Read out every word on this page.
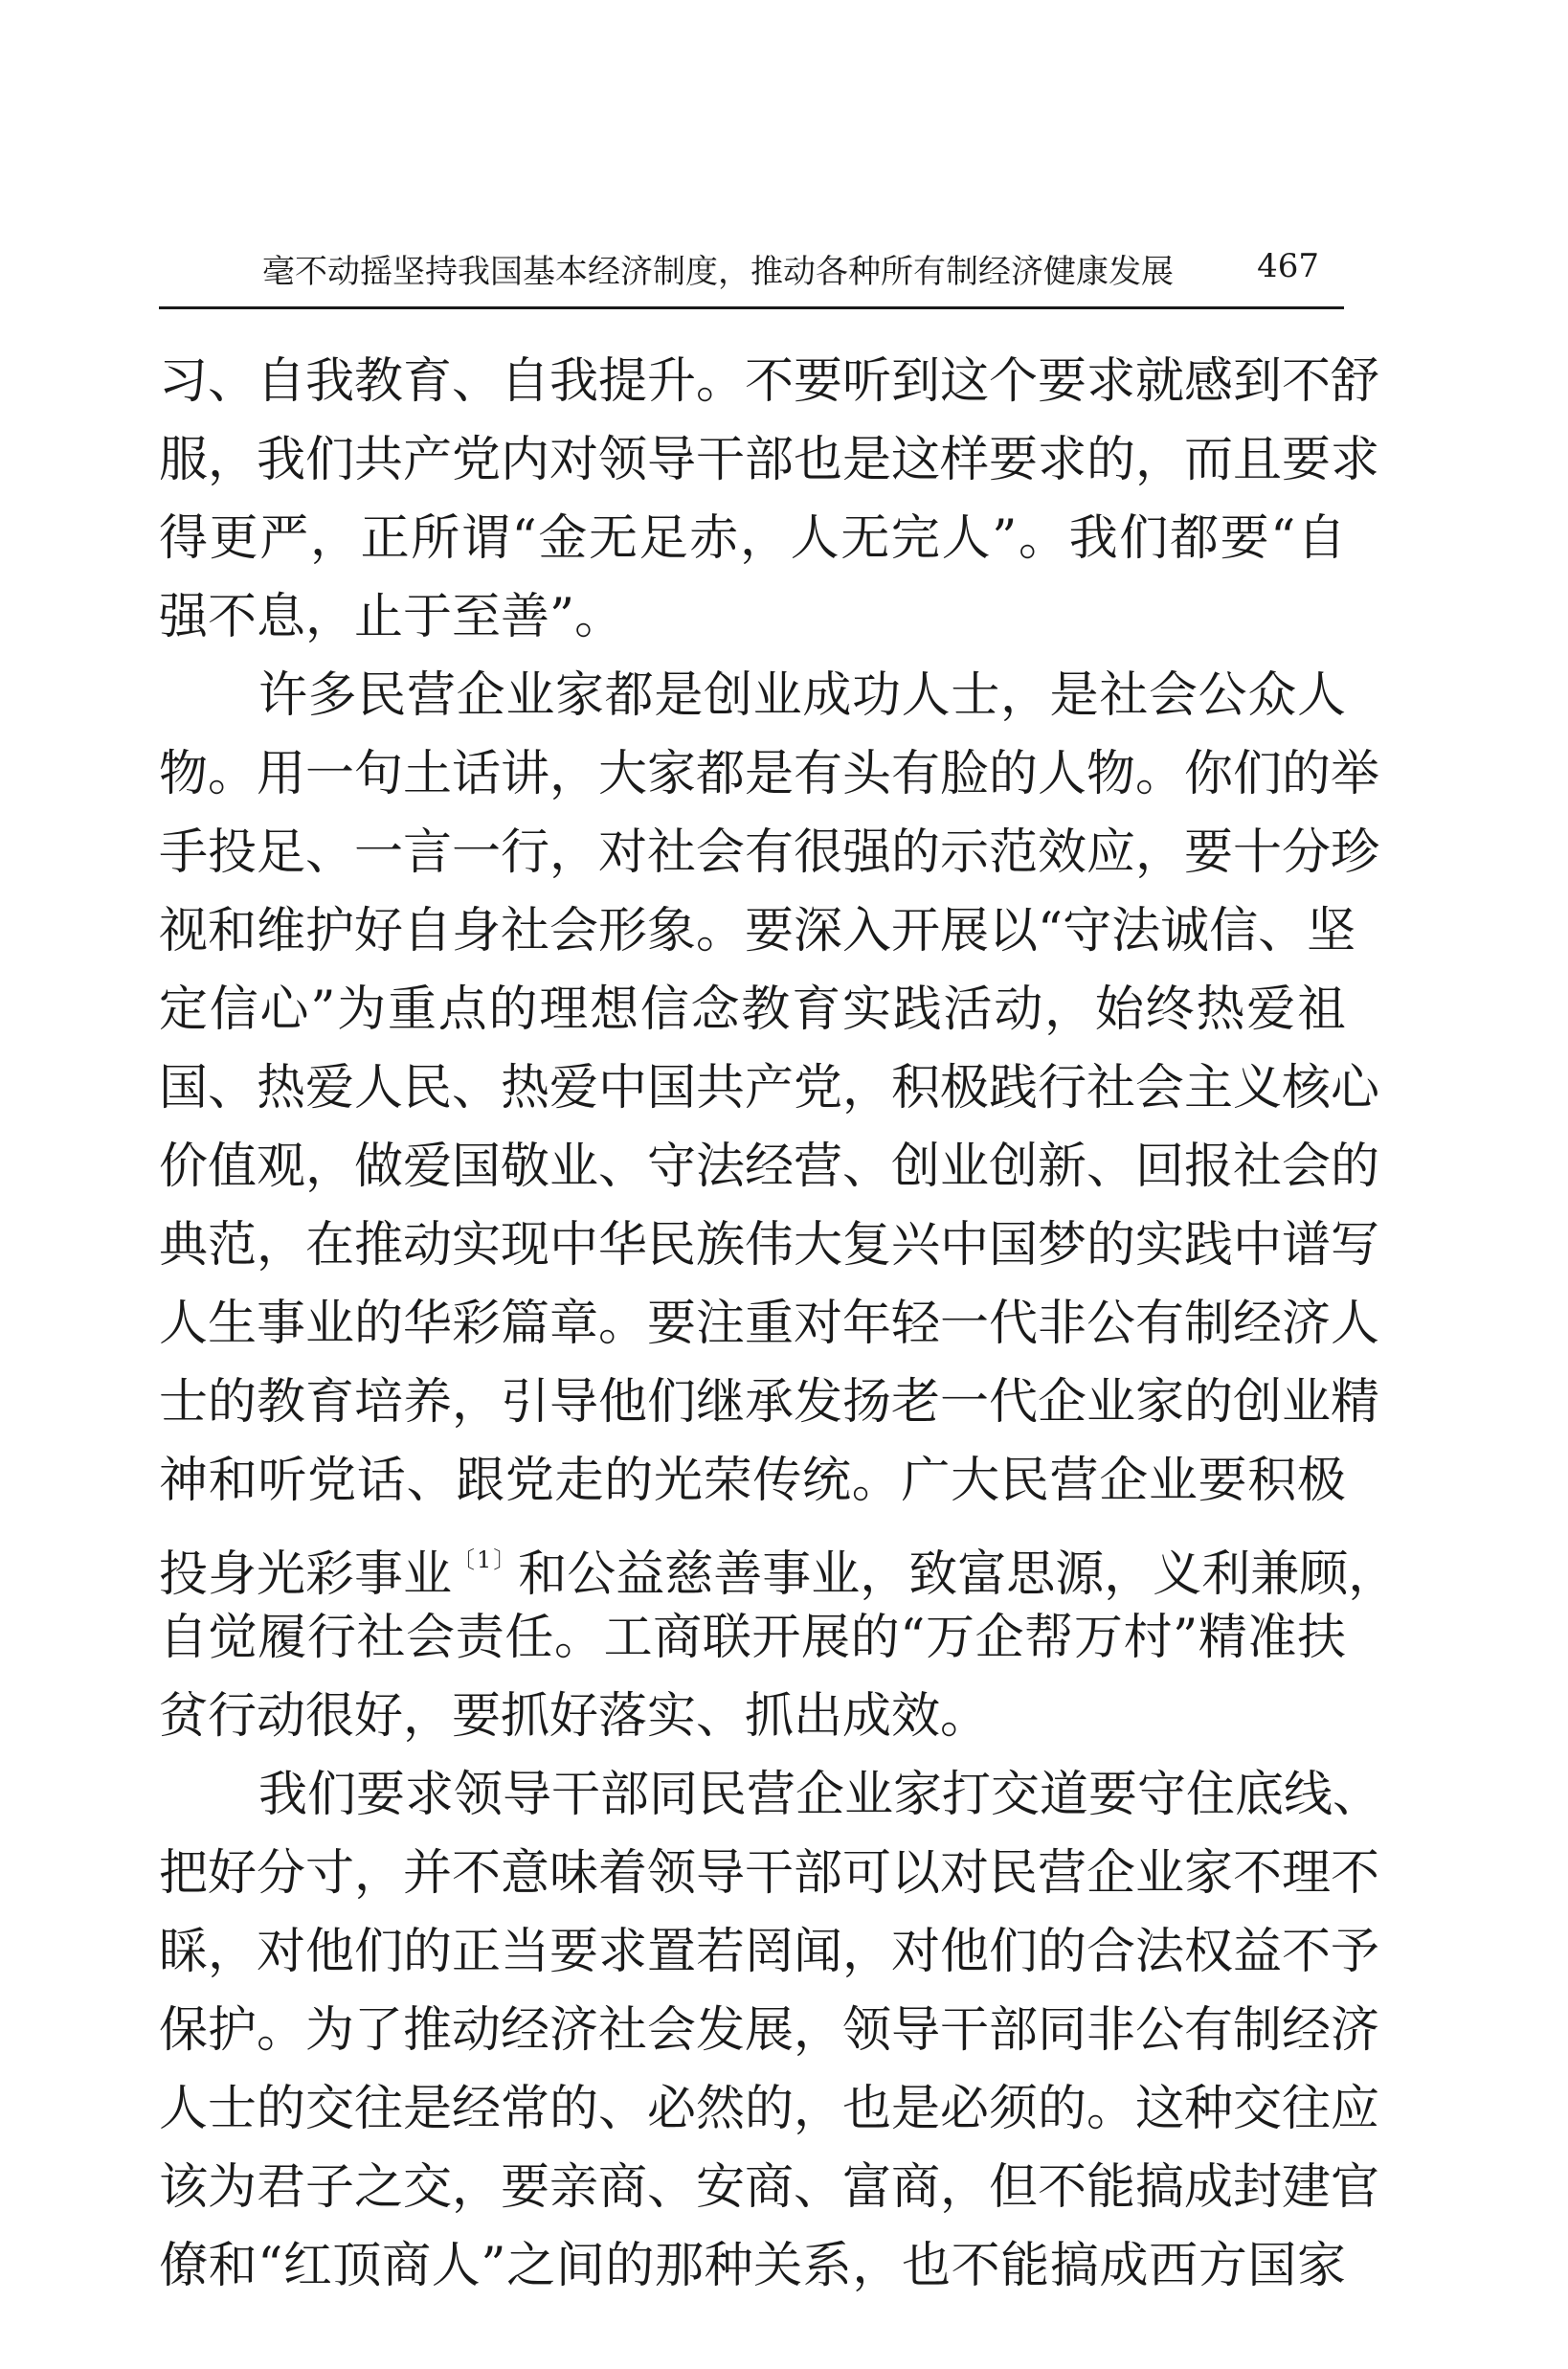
毫不动摇坚持我国基本经济制度，推动各种所有制经济健康发展	467
习、自我教育、自我提升。不要听到这个要求就感到不舒
服，我们共产党内对领导干部也是这样要求的，而且要求
得更严，正所谓“金无足赤，人无完人”。我们都要“自
强不息，止于至善”。
许多民营企业家都是创业成功人士，是社会公众人
物。用一句土话讲，大家都是有头有脸的人物。你们的举
手投足、一言一行，对社会有很强的示范效应，要十分珍
视和维护好自身社会形象。要深入开展以“守法诚信、坚
定信心”为重点的理想信念教育实践活动，始终热爱祖
国、热爱人民、热爱中国共产党，积极践行社会主义核心
价值观，做爱国敬业、守法经营、创业创新、回报社会的
典范，在推动实现中华民族伟大复兴中国梦的实践中谱写
人生事业的华彩篇章。要注重对年轻一代非公有制经济人
士的教育培养，引导他们继承发扬老一代企业家的创业精
神和听党话、跟党走的光荣传统。广大民营企业要积极
投身光彩事业$^{〔1〕}$和公益慈善事业，致富思源，义利兼顾，
自觉履行社会责任。工商联开展的“万企帮万村”精准扶
贫行动很好，要抓好落实、抓出成效。
我们要求领导干部同民营企业家打交道要守住底线、
把好分寸，并不意味着领导干部可以对民营企业家不理不
睬，对他们的正当要求置若罔闻，对他们的合法权益不予
保护。为了推动经济社会发展，领导干部同非公有制经济
人士的交往是经常的、必然的，也是必须的。这种交往应
该为君子之交，要亲商、安商、富商，但不能搞成封建官
僚和“红顶商人”之间的那种关系，也不能搞成西方国家
